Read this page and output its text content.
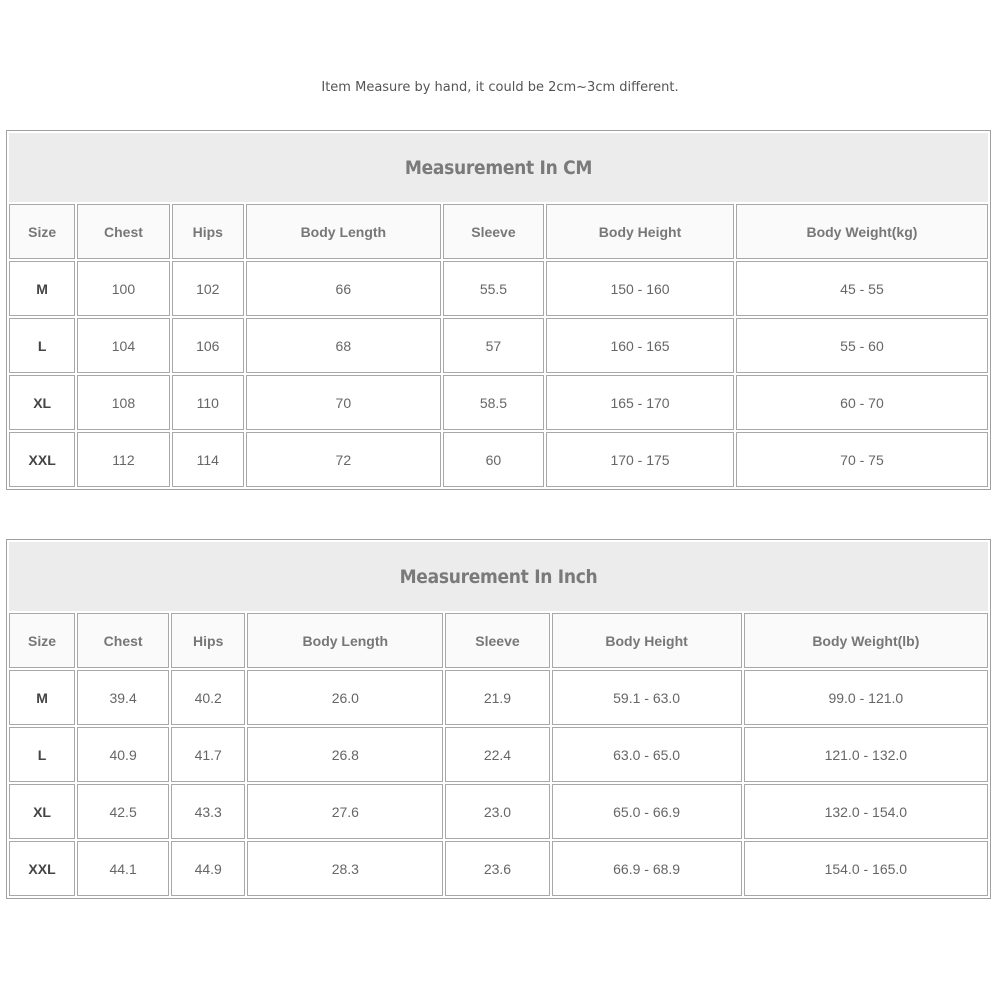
Item Measure by hand, it could be 2cm~3cm different.
Measurement In CM						
Size	Chest	Hips	Body Length	Sleeve	Body Height	Body Weight(kg)
M	100	102	66	55.5	150 - 160	45 - 55
L	104	106	68	57	160 - 165	55 - 60
XL	108	110	70	58.5	165 - 170	60 - 70
XXL	112	114	72	60	170 - 175	70 - 75
Measurement In Inch						
Size	Chest	Hips	Body Length	Sleeve	Body Height	Body Weight(lb)
M	39.4	40.2	26.0	21.9	59.1 - 63.0	99.0 - 121.0
L	40.9	41.7	26.8	22.4	63.0 - 65.0	121.0 - 132.0
XL	42.5	43.3	27.6	23.0	65.0 - 66.9	132.0 - 154.0
XXL	44.1	44.9	28.3	23.6	66.9 - 68.9	154.0 - 165.0
